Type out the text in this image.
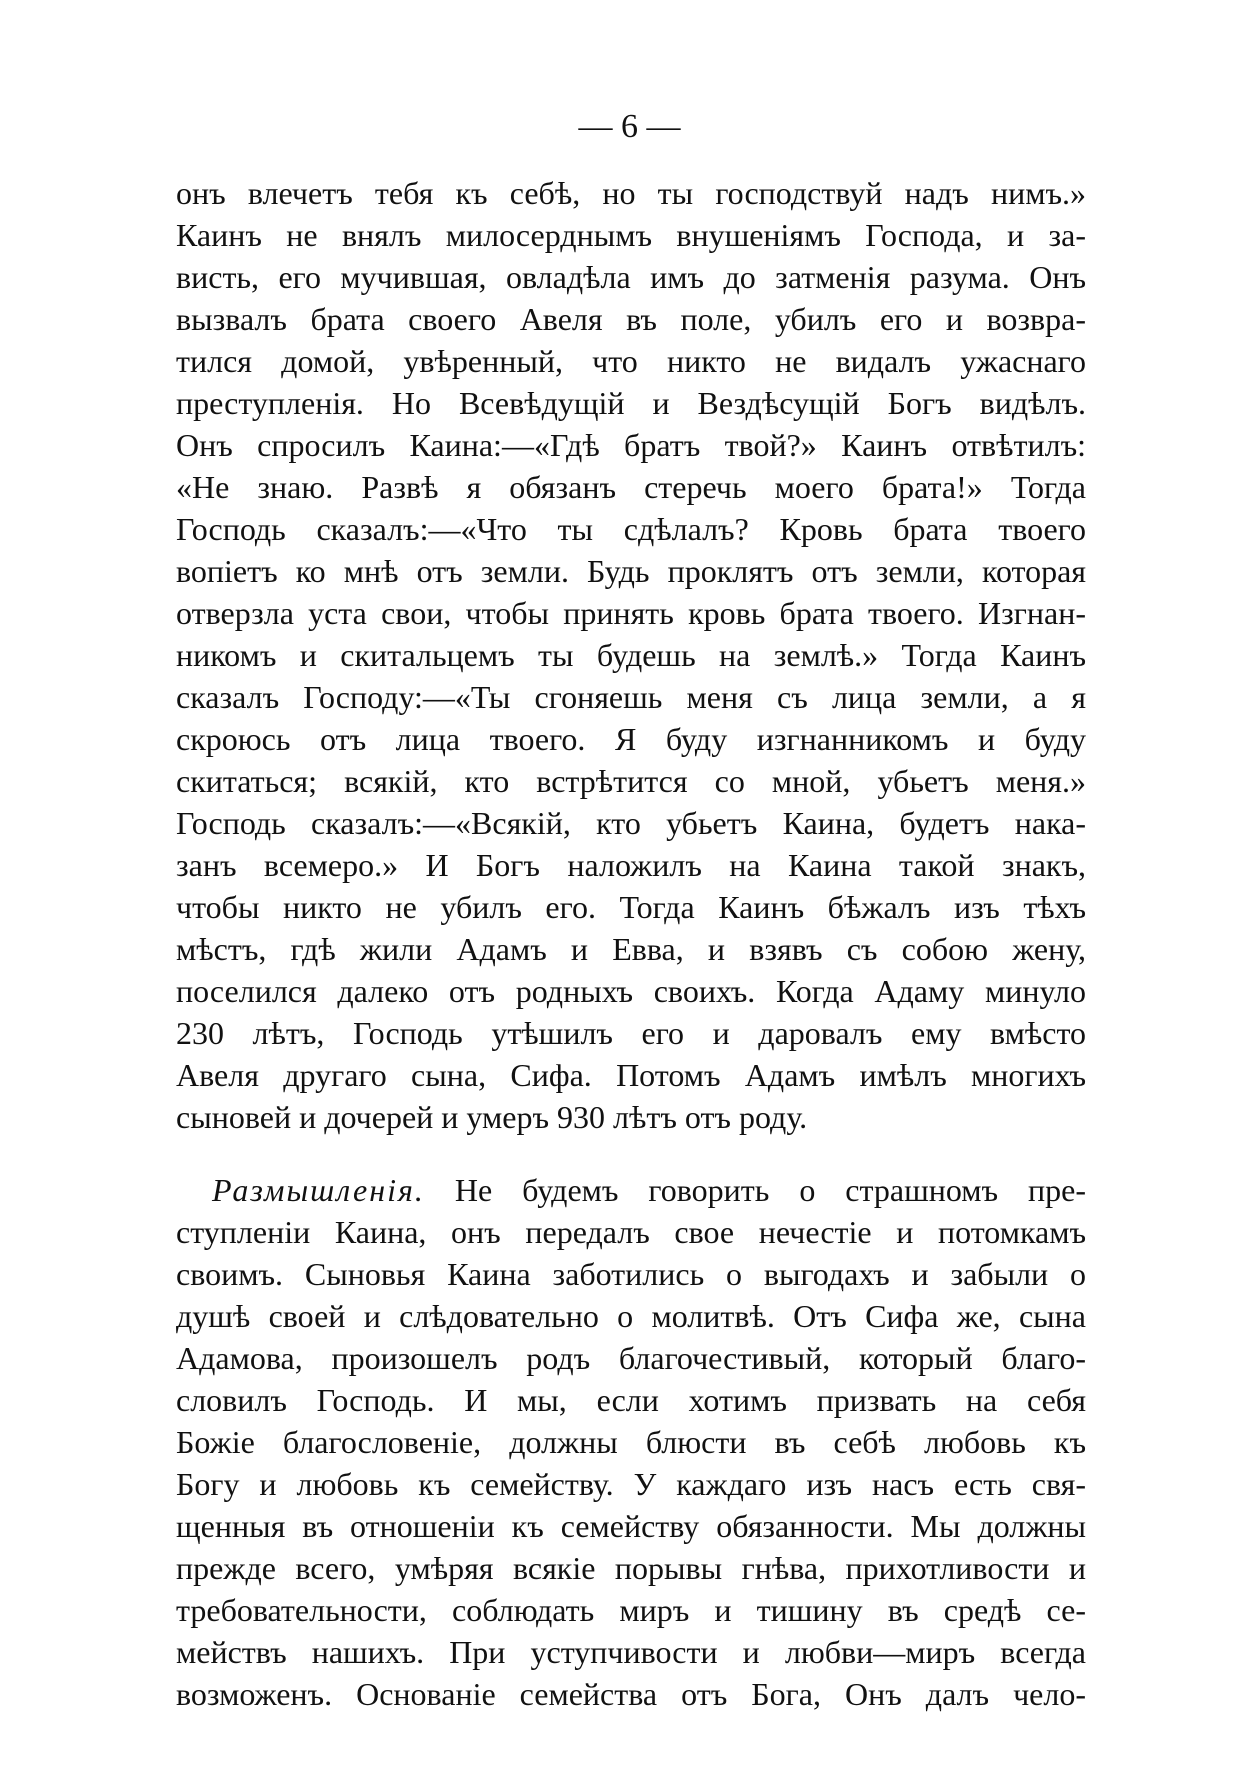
— 6 —
онъ влечетъ тебя къ себѣ, но ты господствуй надъ нимъ.»
Каинъ не внялъ милосерднымъ внушеніямъ Господа, и за-
висть, его мучившая, овладѣла имъ до затменія разума. Онъ
вызвалъ брата своего Авеля въ поле, убилъ его и возвра-
тился домой, увѣренный, что никто не видалъ ужаснаго
преступленія. Но Всевѣдущій и Вездѣсущій Богъ видѣлъ.
Онъ спросилъ Каина:—«Гдѣ братъ твой?» Каинъ отвѣтилъ:
«Не знаю. Развѣ я обязанъ стеречь моего брата!» Тогда
Господь сказалъ:—«Что ты сдѣлалъ? Кровь брата твоего
вопіетъ ко мнѣ отъ земли. Будь проклятъ отъ земли, которая
отверзла уста свои, чтобы принять кровь брата твоего. Изгнан-
никомъ и скитальцемъ ты будешь на землѣ.» Тогда Каинъ
сказалъ Господу:—«Ты сгоняешь меня съ лица земли, а я
скроюсь отъ лица твоего. Я буду изгнанникомъ и буду
скитаться; всякій, кто встрѣтится со мной, убьетъ меня.»
Господь сказалъ:—«Всякій, кто убьетъ Каина, будетъ нака-
занъ всемеро.» И Богъ наложилъ на Каина такой знакъ,
чтобы никто не убилъ его. Тогда Каинъ бѣжалъ изъ тѣхъ
мѣстъ, гдѣ жили Адамъ и Евва, и взявъ съ собою жену,
поселился далеко отъ родныхъ своихъ. Когда Адаму минуло
230 лѣтъ, Господь утѣшилъ его и даровалъ ему вмѣсто
Авеля другаго сына, Сифа. Потомъ Адамъ имѣлъ многихъ
сыновей и дочерей и умеръ 930 лѣтъ отъ роду.
Размышленія. Не будемъ говорить о страшномъ пре-
ступленіи Каина, онъ передалъ свое нечестіе и потомкамъ
своимъ. Сыновья Каина заботились о выгодахъ и забыли о
душѣ своей и слѣдовательно о молитвѣ. Отъ Сифа же, сына
Адамова, произошелъ родъ благочестивый, который благо-
словилъ Господь. И мы, если хотимъ призвать на себя
Божіе благословеніе, должны блюсти въ себѣ любовь къ
Богу и любовь къ семейству. У каждаго изъ насъ есть свя-
щенныя въ отношеніи къ семейству обязанности. Мы должны
прежде всего, умѣряя всякіе порывы гнѣва, прихотливости и
требовательности, соблюдать миръ и тишину въ средѣ се-
мействъ нашихъ. При уступчивости и любви—миръ всегда
возможенъ. Основаніе семейства отъ Бога, Онъ далъ чело-
